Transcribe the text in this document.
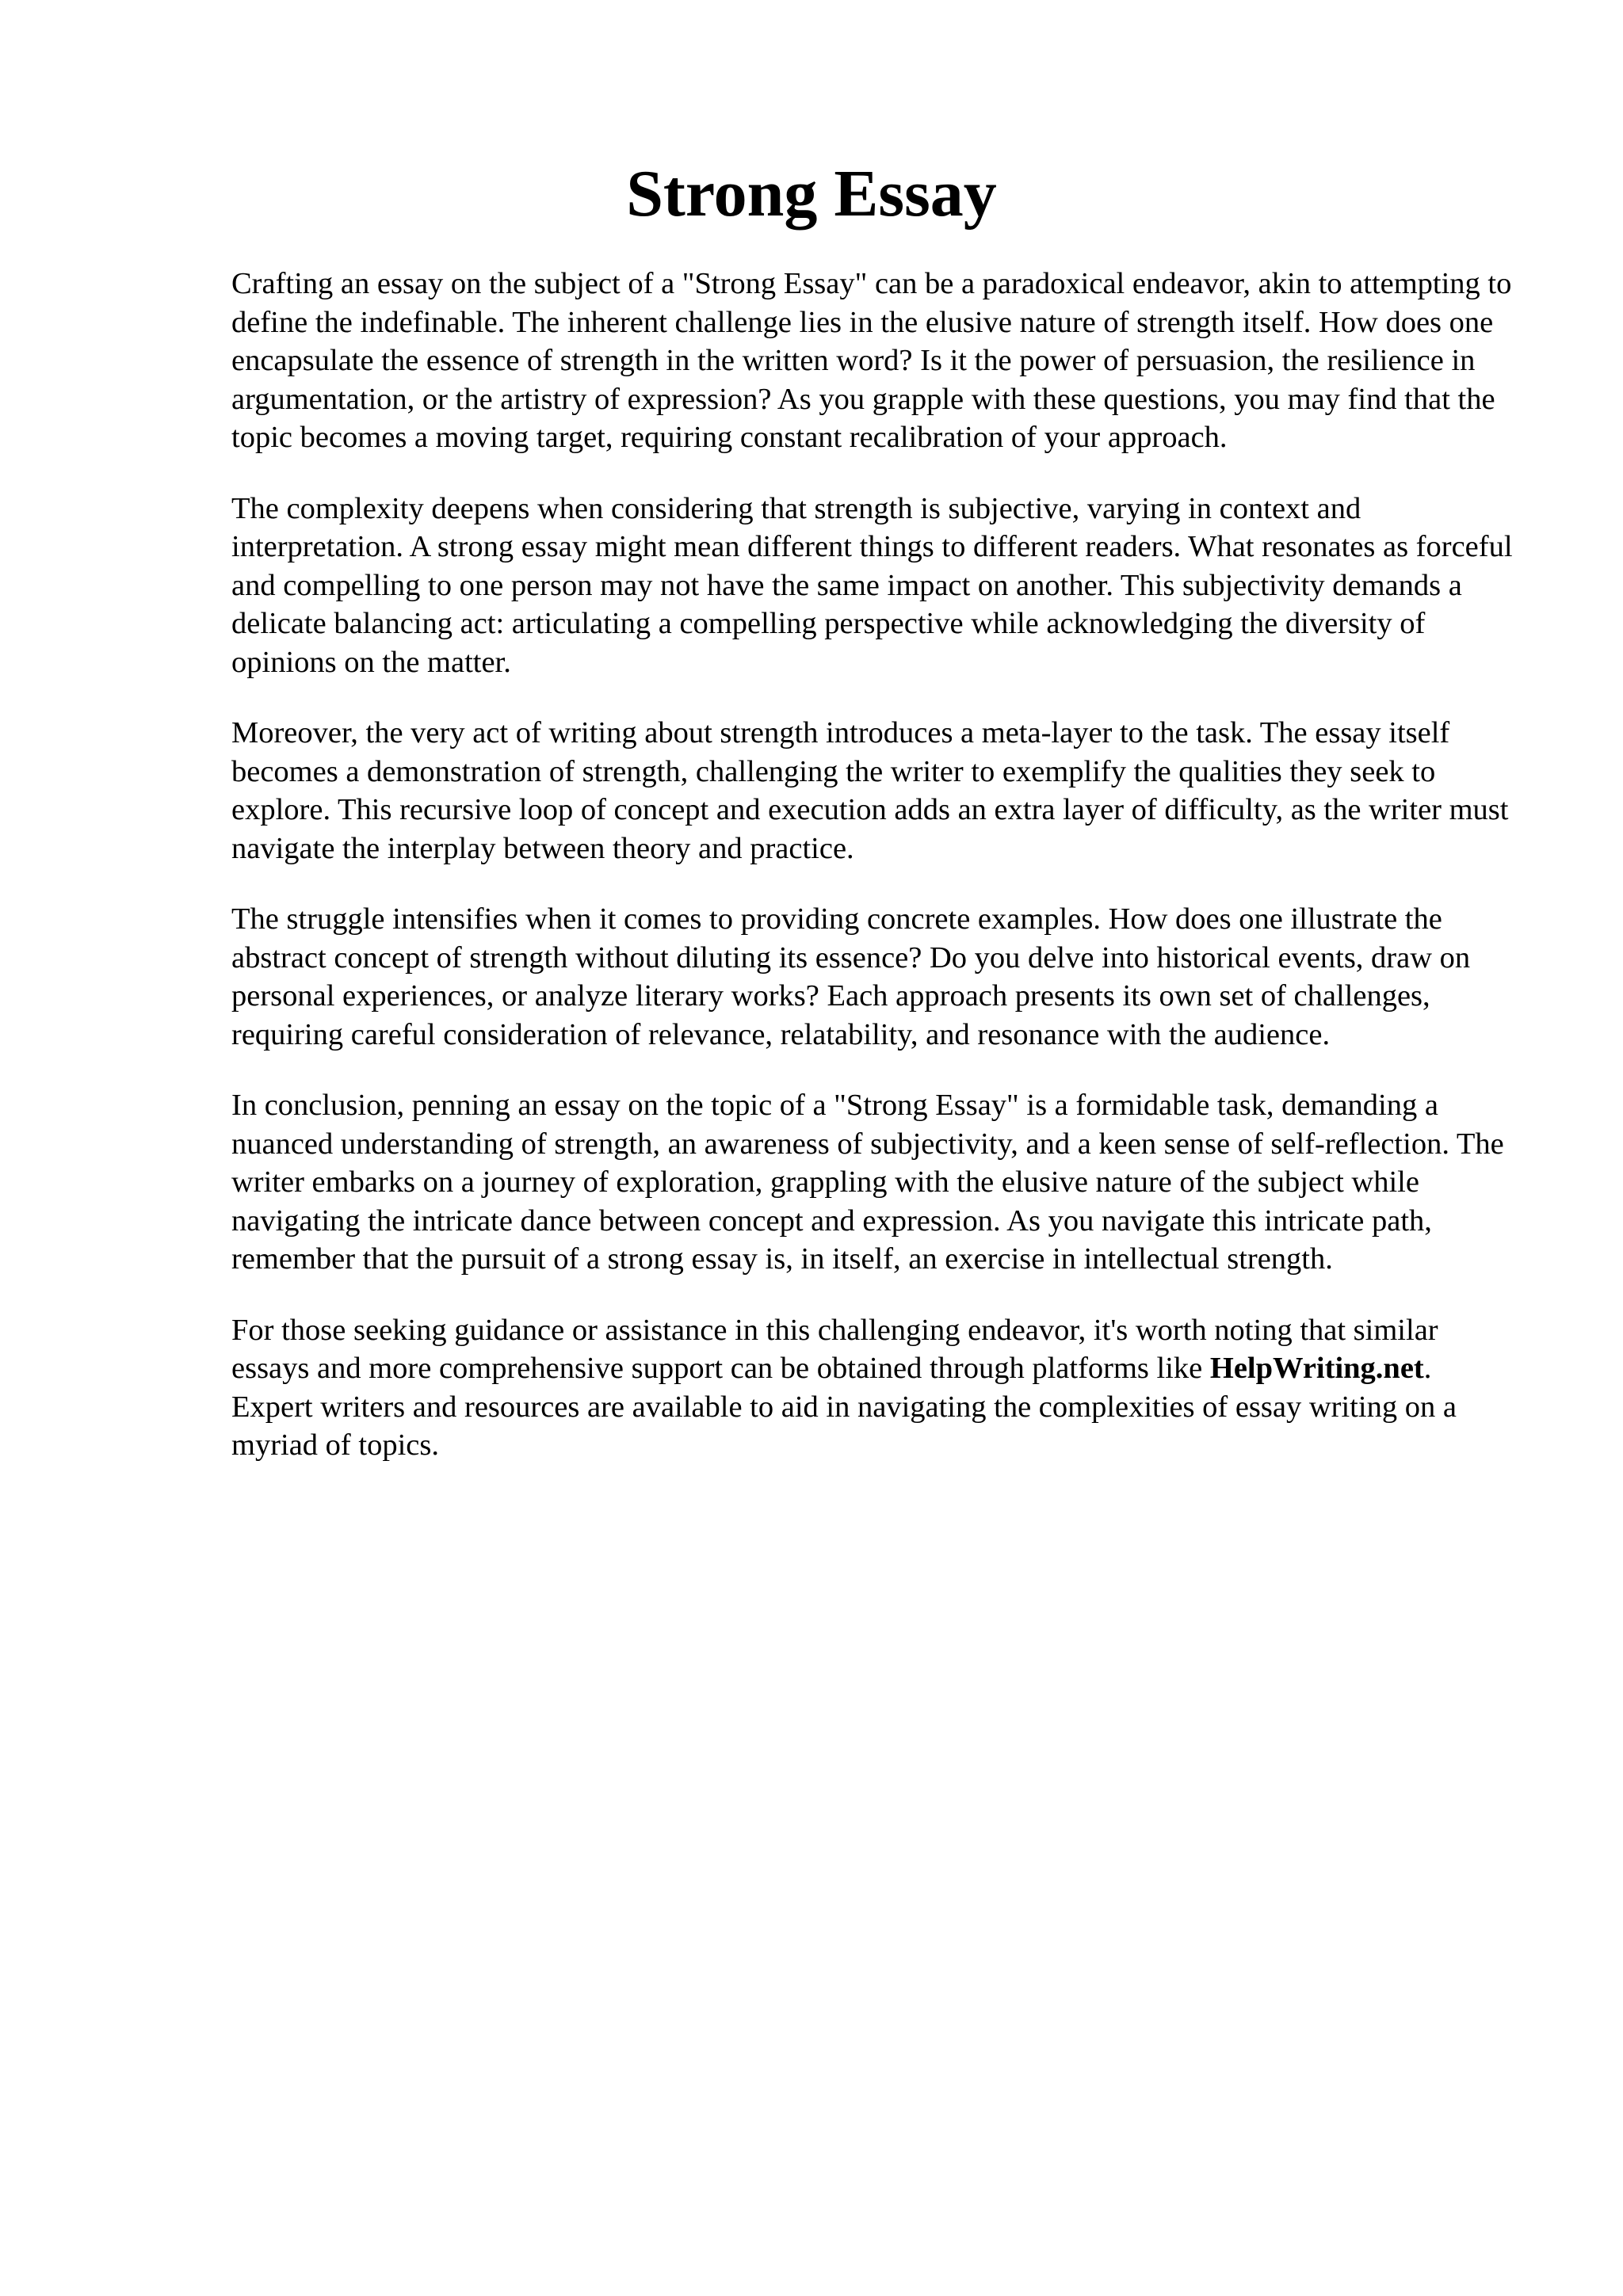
Strong Essay

Crafting an essay on the subject of a "Strong Essay" can be a paradoxical endeavor, akin to attempting to define the indefinable. The inherent challenge lies in the elusive nature of strength itself. How does one encapsulate the essence of strength in the written word? Is it the power of persuasion, the resilience in argumentation, or the artistry of expression? As you grapple with these questions, you may find that the topic becomes a moving target, requiring constant recalibration of your approach.

The complexity deepens when considering that strength is subjective, varying in context and interpretation. A strong essay might mean different things to different readers. What resonates as forceful and compelling to one person may not have the same impact on another. This subjectivity demands a delicate balancing act: articulating a compelling perspective while acknowledging the diversity of opinions on the matter.

Moreover, the very act of writing about strength introduces a meta-layer to the task. The essay itself becomes a demonstration of strength, challenging the writer to exemplify the qualities they seek to explore. This recursive loop of concept and execution adds an extra layer of difficulty, as the writer must navigate the interplay between theory and practice.

The struggle intensifies when it comes to providing concrete examples. How does one illustrate the abstract concept of strength without diluting its essence? Do you delve into historical events, draw on personal experiences, or analyze literary works? Each approach presents its own set of challenges, requiring careful consideration of relevance, relatability, and resonance with the audience.

In conclusion, penning an essay on the topic of a "Strong Essay" is a formidable task, demanding a nuanced understanding of strength, an awareness of subjectivity, and a keen sense of self-reflection. The writer embarks on a journey of exploration, grappling with the elusive nature of the subject while navigating the intricate dance between concept and expression. As you navigate this intricate path, remember that the pursuit of a strong essay is, in itself, an exercise in intellectual strength.

For those seeking guidance or assistance in this challenging endeavor, it's worth noting that similar essays and more comprehensive support can be obtained through platforms like HelpWriting.net. Expert writers and resources are available to aid in navigating the complexities of essay writing on a myriad of topics.
